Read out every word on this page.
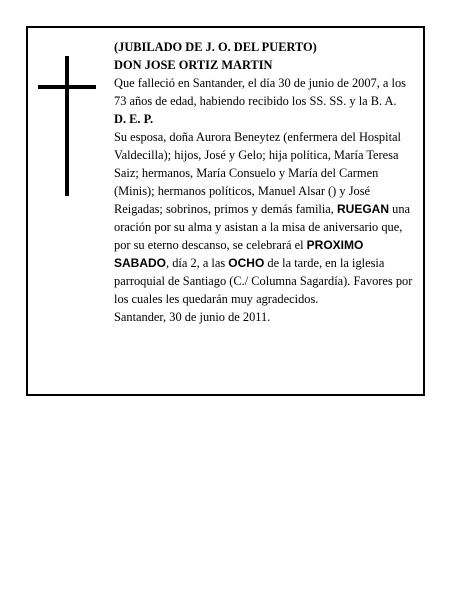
(JUBILADO DE J. O. DEL PUERTO)

DON JOSE ORTIZ MARTIN

Que falleció en Santander, el día 30 de junio de 2007, a los 73 años de edad, habiendo recibido los SS. SS. y la B. A.

D. E. P.

Su esposa, doña Aurora Beneytez (enfermera del Hospital Valdecilla); hijos, José y Gelo; hija política, María Teresa Saiz; hermanos, María Consuelo y María del Carmen (Minis); hermanos políticos, Manuel Alsar () y José Reigadas; sobrinos, primos y demás familia, RUEGAN una oración por su alma y asistan a la misa de aniversario que, por su eterno descanso, se celebrará el PROXIMO SABADO, día 2, a las OCHO de la tarde, en la iglesia parroquial de Santiago (C./ Columna Sagardía). Favores por los cuales les quedarán muy agradecidos.

Santander, 30 de junio de 2011.
